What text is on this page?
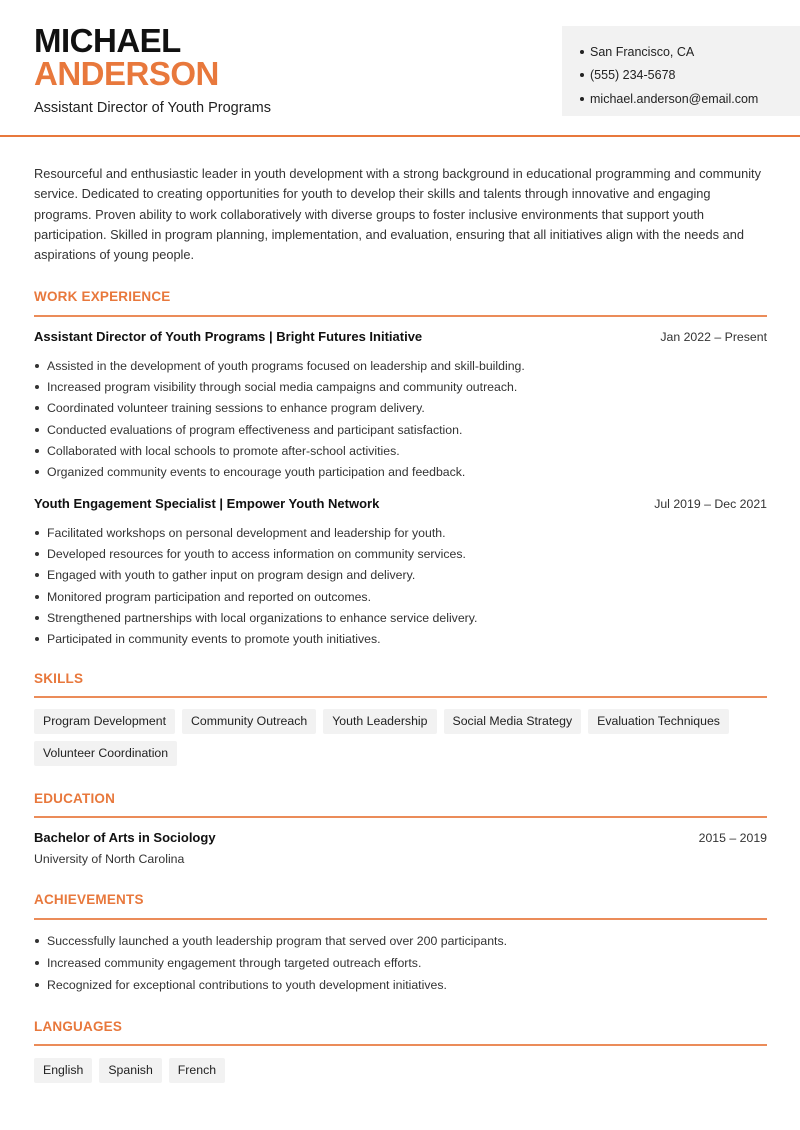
MICHAEL
ANDERSON
Assistant Director of Youth Programs
San Francisco, CA
(555) 234-5678
michael.anderson@email.com

Resourceful and enthusiastic leader in youth development with a strong background in educational programming and community service. Dedicated to creating opportunities for youth to develop their skills and talents through innovative and engaging programs. Proven ability to work collaboratively with diverse groups to foster inclusive environments that support youth participation. Skilled in program planning, implementation, and evaluation, ensuring that all initiatives align with the needs and aspirations of young people.

WORK EXPERIENCE
Assistant Director of Youth Programs | Bright Futures Initiative	Jan 2022 – Present
Assisted in the development of youth programs focused on leadership and skill-building.
Increased program visibility through social media campaigns and community outreach.
Coordinated volunteer training sessions to enhance program delivery.
Conducted evaluations of program effectiveness and participant satisfaction.
Collaborated with local schools to promote after-school activities.
Organized community events to encourage youth participation and feedback.
Youth Engagement Specialist | Empower Youth Network	Jul 2019 – Dec 2021
Facilitated workshops on personal development and leadership for youth.
Developed resources for youth to access information on community services.
Engaged with youth to gather input on program design and delivery.
Monitored program participation and reported on outcomes.
Strengthened partnerships with local organizations to enhance service delivery.
Participated in community events to promote youth initiatives.
SKILLS
Program Development	Community Outreach	Youth Leadership	Social Media Strategy	Evaluation Techniques
Volunteer Coordination
EDUCATION
Bachelor of Arts in Sociology	2015 – 2019
University of North Carolina
ACHIEVEMENTS
Successfully launched a youth leadership program that served over 200 participants.
Increased community engagement through targeted outreach efforts.
Recognized for exceptional contributions to youth development initiatives.
LANGUAGES
English	Spanish	French
